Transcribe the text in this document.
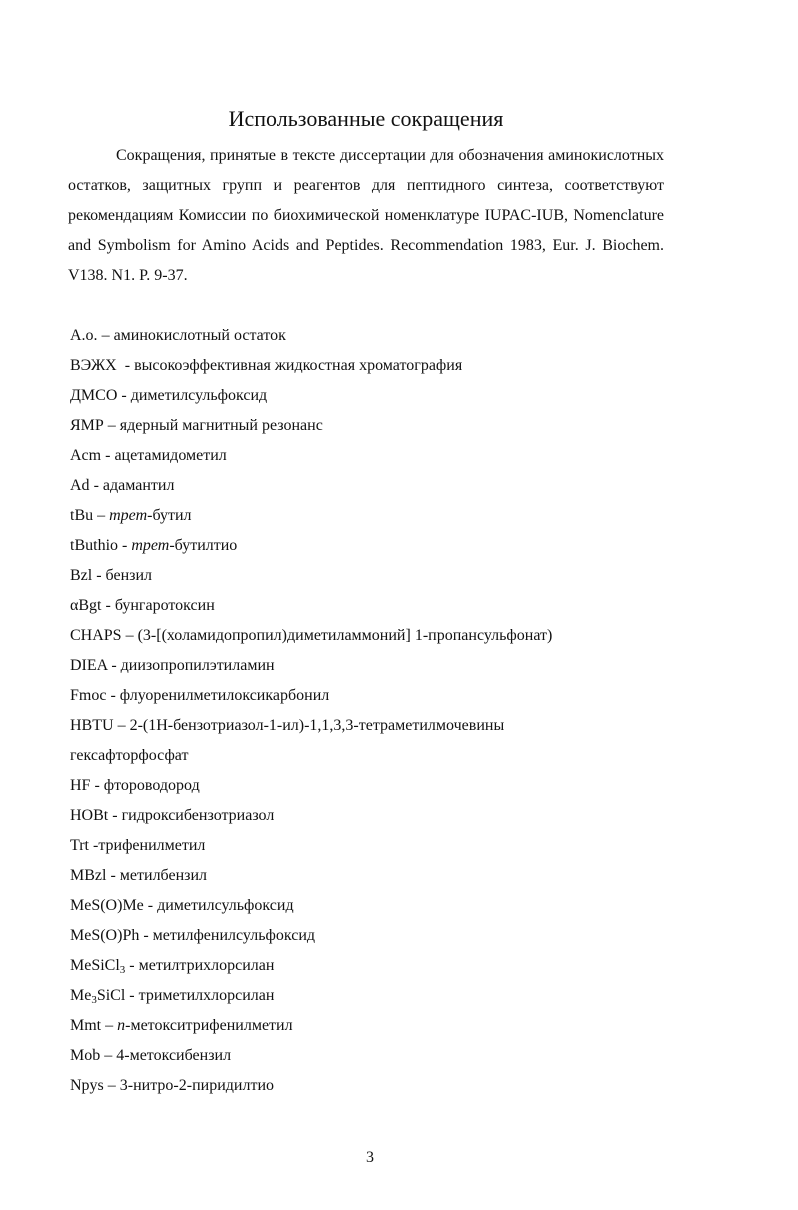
Использованные сокращения

Сокращения, принятые в тексте диссертации для обозначения аминокислотных остатков, защитных групп и реагентов для пептидного синтеза, соответствуют рекомендациям Комиссии по биохимической номенклатуре IUPAC-IUB, Nomenclature and Symbolism for Amino Acids and Peptides. Recommendation 1983, Eur. J. Biochem. V138. N1. P. 9-37.

А.о. – аминокислотный остаток
ВЭЖХ  - высокоэффективная жидкостная хроматография
ДМСО - диметилсульфоксид
ЯМР – ядерный магнитный резонанс
Acm - ацетамидометил
Ad - адамантил
tBu – трет-бутил
tButhio - трет-бутилтио
Bzl - бензил
αBgt - бунгаротоксин
CHAPS – (3-[(холамидопропил)диметиламмоний] 1-пропансульфонат)
DIEA - диизопропилэтиламин
Fmoc - флуоренилметилоксикарбонил
HBTU – 2-(1Н-бензотриазол-1-ил)-1,1,3,3-тетраметилмочевины
гексафторфосфат
HF - фтороводород
HOBt - гидроксибензотриазол
Trt -трифенилметил
MBzl - метилбензил
MeS(O)Me - диметилсульфоксид
MeS(O)Ph - метилфенилсульфоксид
MeSiCl$_3$ - метилтрихлорсилан
$Me_3SiCl$ - триметилхлорсилан
Mmt – n-метокситрифенилметил
Mob – 4-метоксибензил
Npys – 3-нитро-2-пиридилтио
3
